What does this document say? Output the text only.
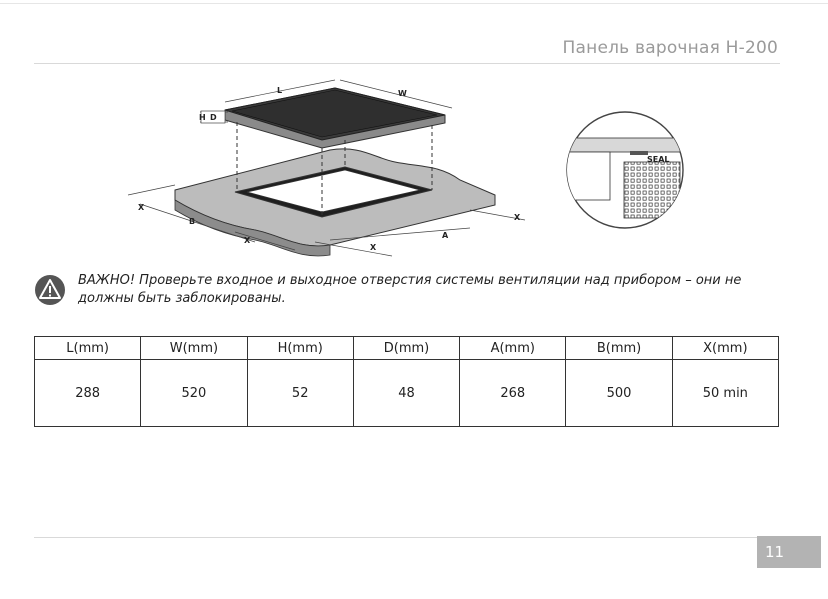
Панель варочная H-200
L	W
H D
X
B
X
X
A
X
SEAL
ВАЖНО! Проверьте входное и выходное отверстия системы вентиляции над прибором – они не должны быть заблокированы.
L(mm)	W(mm)	H(mm)	D(mm)	A(mm)	B(mm)	X(mm)
288	520	52	48	268	500	50 min
11
